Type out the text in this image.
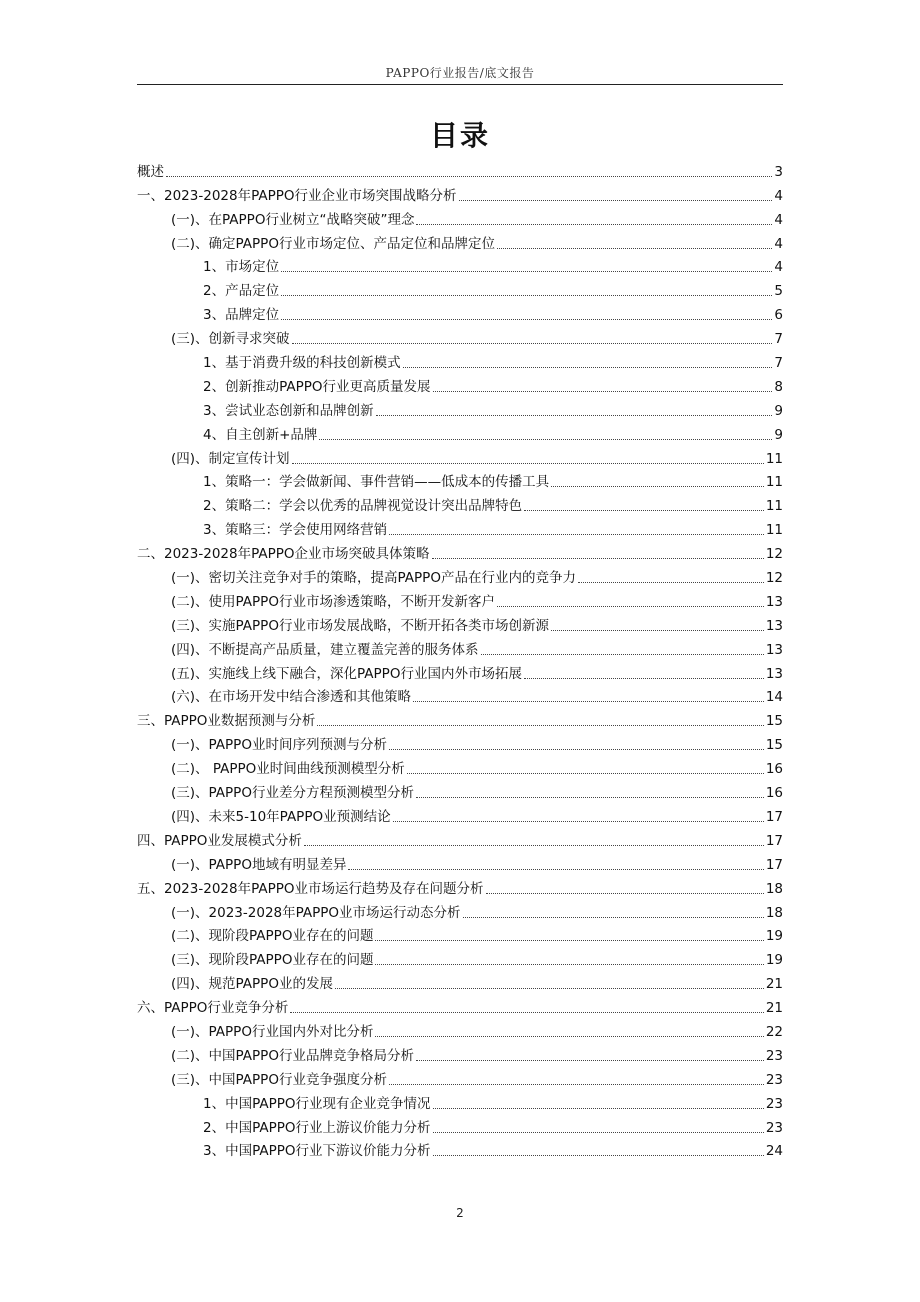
PAPPO行业报告/底文报告
目录
概述	3
一、2023-2028年PAPPO行业企业市场突围战略分析	4
(一)、在PAPPO行业树立“战略突破”理念	4
(二)、确定PAPPO行业市场定位、产品定位和品牌定位	4
1、市场定位	4
2、产品定位	5
3、品牌定位	6
(三)、创新寻求突破	7
1、基于消费升级的科技创新模式	7
2、创新推动PAPPO行业更高质量发展	8
3、尝试业态创新和品牌创新	9
4、自主创新+品牌	9
(四)、制定宣传计划	11
1、策略一：学会做新闻、事件营销——低成本的传播工具	11
2、策略二：学会以优秀的品牌视觉设计突出品牌特色	11
3、策略三：学会使用网络营销	11
二、2023-2028年PAPPO企业市场突破具体策略	12
(一)、密切关注竞争对手的策略，提高PAPPO产品在行业内的竞争力	12
(二)、使用PAPPO行业市场渗透策略，不断开发新客户	13
(三)、实施PAPPO行业市场发展战略，不断开拓各类市场创新源	13
(四)、不断提高产品质量，建立覆盖完善的服务体系	13
(五)、实施线上线下融合，深化PAPPO行业国内外市场拓展	13
(六)、在市场开发中结合渗透和其他策略	14
三、PAPPO业数据预测与分析	15
(一)、PAPPO业时间序列预测与分析	15
(二)、 PAPPO业时间曲线预测模型分析	16
(三)、PAPPO行业差分方程预测模型分析	16
(四)、未来5-10年PAPPO业预测结论	17
四、PAPPO业发展模式分析	17
(一)、PAPPO地域有明显差异	17
五、2023-2028年PAPPO业市场运行趋势及存在问题分析	18
(一)、2023-2028年PAPPO业市场运行动态分析	18
(二)、现阶段PAPPO业存在的问题	19
(三)、现阶段PAPPO业存在的问题	19
(四)、规范PAPPO业的发展	21
六、PAPPO行业竞争分析	21
(一)、PAPPO行业国内外对比分析	22
(二)、中国PAPPO行业品牌竞争格局分析	23
(三)、中国PAPPO行业竞争强度分析	23
1、中国PAPPO行业现有企业竞争情况	23
2、中国PAPPO行业上游议价能力分析	23
3、中国PAPPO行业下游议价能力分析	24
2
